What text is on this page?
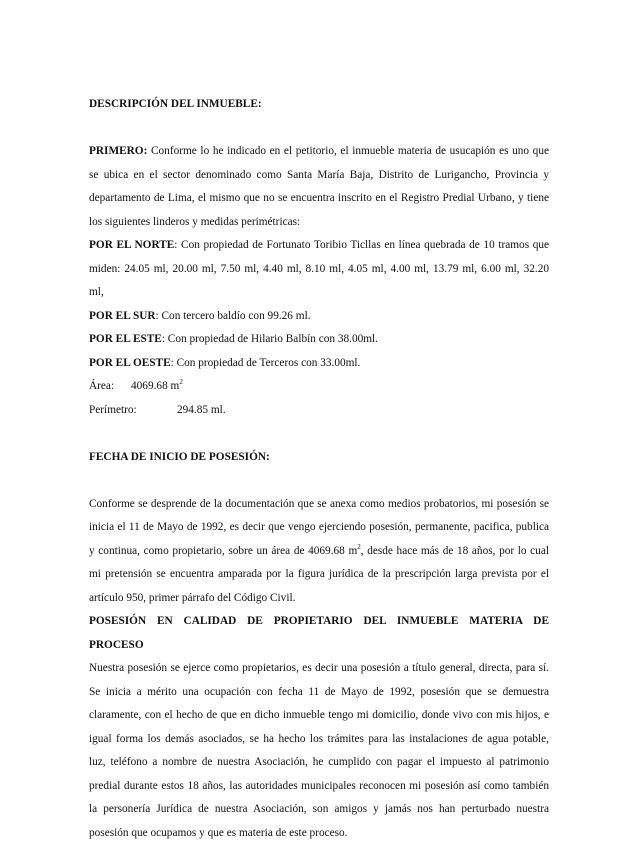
DESCRIPCIÓN DEL INMUEBLE:
PRIMERO: Conforme lo he indicado en el petitorio, el inmueble materia de usucapión es uno que
se ubica en el sector denominado como Santa María Baja, Distrito de Lurigancho, Provincia y
departamento de Lima, el mismo que no se encuentra inscrito en el Registro Predial Urbano, y tiene
los siguientes linderos y medidas perimétricas:
POR EL NORTE: Con propiedad de Fortunato Toribio Ticllas en línea quebrada de 10 tramos que
miden: 24.05 ml, 20.00 ml, 7.50 ml, 4.40 ml, 8.10 ml, 4.05 ml, 4.00 ml, 13.79 ml, 6.00 ml, 32.20
ml,
POR EL SUR: Con tercero baldío con 99.26 ml.
POR EL ESTE: Con propiedad de Hilario Balbín con 38.00ml.
POR EL OESTE: Con propiedad de Terceros con 33.00ml.
Área: 4069.68 $m^2$
Perímetro:	294.85 ml.
FECHA DE INICIO DE POSESIÓN:
Conforme se desprende de la documentación que se anexa como medios probatorios, mi posesión se
inicia el 11 de Mayo de 1992, es decir que vengo ejerciendo posesión, permanente, pacifica, publica
y continua, como propietario, sobre un área de 4069.68 $m^2$, desde hace más de 18 años, por lo cual
mi pretensión se encuentra amparada por la figura jurídica de la prescripción larga prevista por el
artículo 950, primer párrafo del Código Civil.
POSESIÓN EN CALIDAD DE PROPIETARIO DEL INMUEBLE MATERIA DE
PROCESO
Nuestra posesión se ejerce como propietarios, es decir una posesión a título general, directa, para sí.
Se inicia a mérito una ocupación con fecha 11 de Mayo de 1992, posesión que se demuestra
claramente, con el hecho de que en dicho inmueble tengo mi domicilio, donde vivo con mis hijos, e
igual forma los demás asociados, se ha hecho los trámites para las instalaciones de agua potable,
luz, teléfono a nombre de nuestra Asociación, he cumplido con pagar el impuesto al patrimonio
predial durante estos 18 años, las autoridades municipales reconocen mi posesión así como también
la personería Jurídica de nuestra Asociación, son amigos y jamás nos han perturbado nuestra
posesión que ocupamos y que es materia de este proceso.
